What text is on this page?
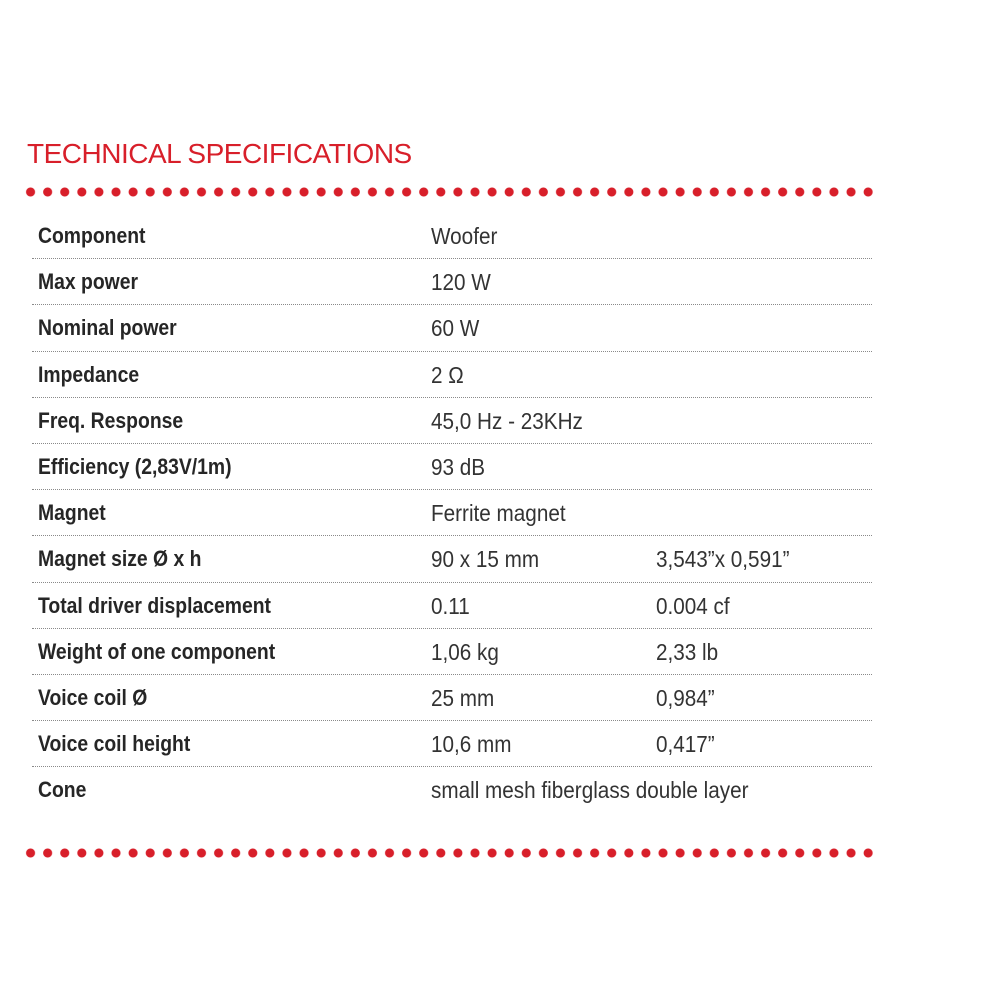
TECHNICAL SPECIFICATIONS
Component	Woofer
Max power	120 W
Nominal power	60 W
Impedance	2 Ω
Freq. Response	45,0 Hz - 23KHz
Efficiency (2,83V/1m)	93 dB
Magnet	Ferrite magnet
Magnet size Ø x h	90 x 15 mm	3,543”x 0,591”
Total driver displacement	0.11	0.004 cf
Weight of one component	1,06 kg	2,33 lb
Voice coil Ø	25 mm	0,984”
Voice coil height	10,6 mm	0,417”
Cone	small mesh fiberglass double layer
